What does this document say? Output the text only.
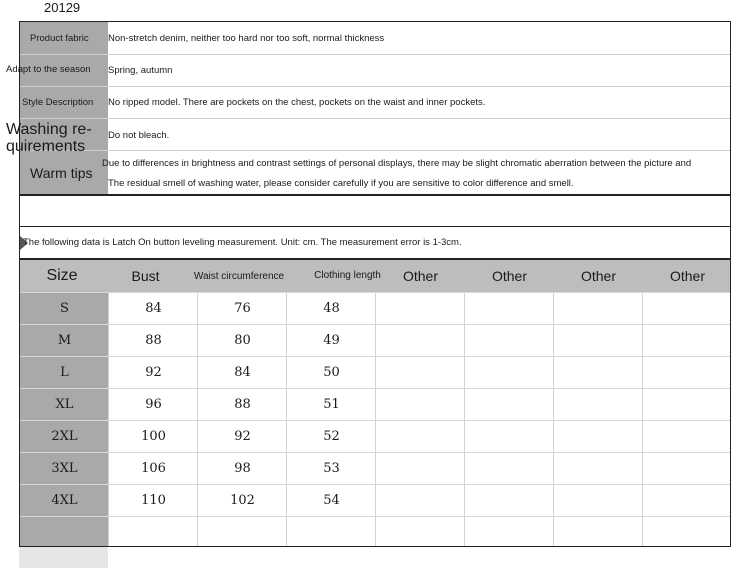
20129
Product fabric Non-stretch denim, neither too hard nor too soft, normal thickness
Adapt to the season Spring, autumn
Style Description No ripped model. There are pockets on the chest, pockets on the waist and inner pockets.
Washing re-
quirements
Do not bleach.
Warm tips
Due to differences in brightness and contrast settings of personal displays, there may be slight chromatic aberration between the picture and
The residual smell of washing water, please consider carefully if you are sensitive to color difference and smell.
The following data is Latch On button leveling measurement. Unit: cm. The measurement error is 1-3cm.
Size	Bust	Waist circumference	Clothing length	Other	Other	Other	Other
S	84	76	48
M	88	80	49
L	92	84	50
XL	96	88	51
2XL	100	92	52
3XL	106	98	53
4XL	110	102	54
